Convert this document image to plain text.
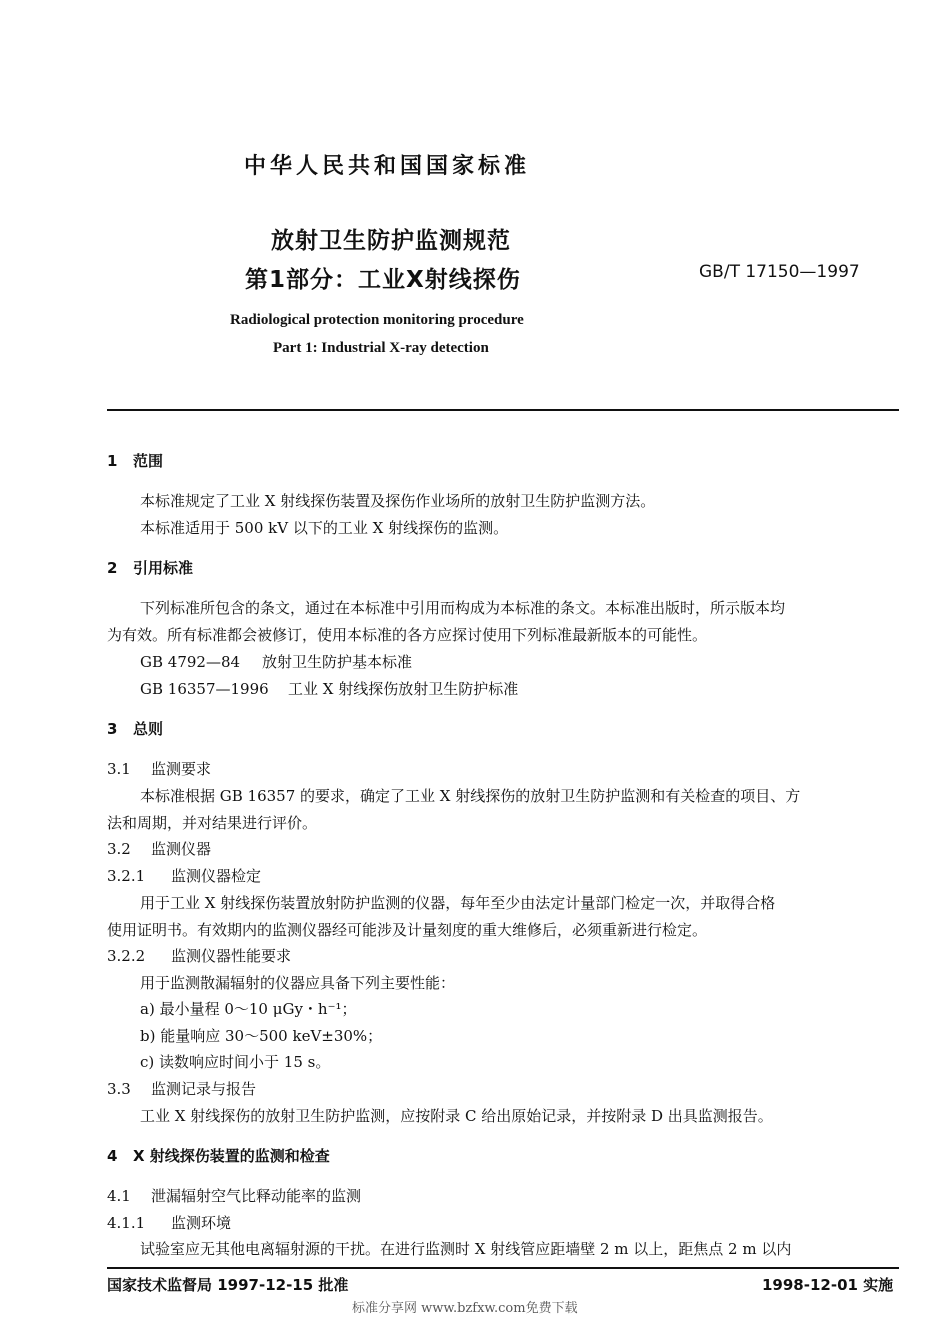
中华人民共和国国家标准
放射卫生防护监测规范
第1部分：工业X射线探伤	GB/T 17150—1997
Radiological protection monitoring procedure
Part 1: Industrial X-ray detection
1 范围
本标准规定了工业 X 射线探伤装置及探伤作业场所的放射卫生防护监测方法。
本标准适用于 500 kV 以下的工业 X 射线探伤的监测。
2 引用标准
下列标准所包含的条文，通过在本标准中引用而构成为本标准的条文。本标准出版时，所示版本均
为有效。所有标准都会被修订，使用本标准的各方应探讨使用下列标准最新版本的可能性。
GB 4792—84 放射卫生防护基本标准
GB 16357—1996 工业 X 射线探伤放射卫生防护标准
3 总则
3.1 监测要求
本标准根据 GB 16357 的要求，确定了工业 X 射线探伤的放射卫生防护监测和有关检查的项目、方
法和周期，并对结果进行评价。
3.2 监测仪器
3.2.1 监测仪器检定
用于工业 X 射线探伤装置放射防护监测的仪器，每年至少由法定计量部门检定一次，并取得合格
使用证明书。有效期内的监测仪器经可能涉及计量刻度的重大维修后，必须重新进行检定。
3.2.2 监测仪器性能要求
用于监测散漏辐射的仪器应具备下列主要性能：
a) 最小量程 0～10 μGy・h⁻¹；
b) 能量响应 30～500 keV±30%；
c) 读数响应时间小于 15 s。
3.3 监测记录与报告
工业 X 射线探伤的放射卫生防护监测，应按附录 C 给出原始记录，并按附录 D 出具监测报告。
4 X 射线探伤装置的监测和检查
4.1 泄漏辐射空气比释动能率的监测
4.1.1 监测环境
试验室应无其他电离辐射源的干扰。在进行监测时 X 射线管应距墙壁 2 m 以上，距焦点 2 m 以内
国家技术监督局 1997-12-15 批准	1998-12-01 实施
标准分享网 www.bzfxw.com免费下载
